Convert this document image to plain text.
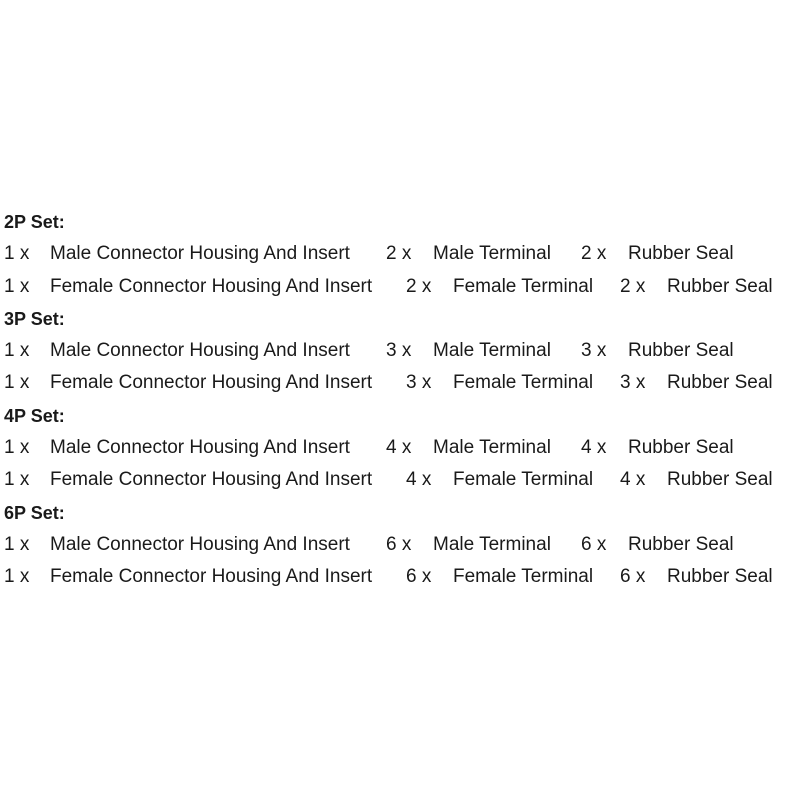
2P Set:
1 x Male Connector Housing And Insert 2 x Male Terminal 2 x Rubber Seal
1 x Female Connector Housing And Insert 2 x Female Terminal 2 x Rubber Seal
3P Set:
1 x Male Connector Housing And Insert 3 x Male Terminal 3 x Rubber Seal
1 x Female Connector Housing And Insert 3 x Female Terminal 3 x Rubber Seal
4P Set:
1 x Male Connector Housing And Insert 4 x Male Terminal 4 x Rubber Seal
1 x Female Connector Housing And Insert 4 x Female Terminal 4 x Rubber Seal
6P Set:
1 x Male Connector Housing And Insert 6 x Male Terminal 6 x Rubber Seal
1 x Female Connector Housing And Insert 6 x Female Terminal 6 x Rubber Seal
